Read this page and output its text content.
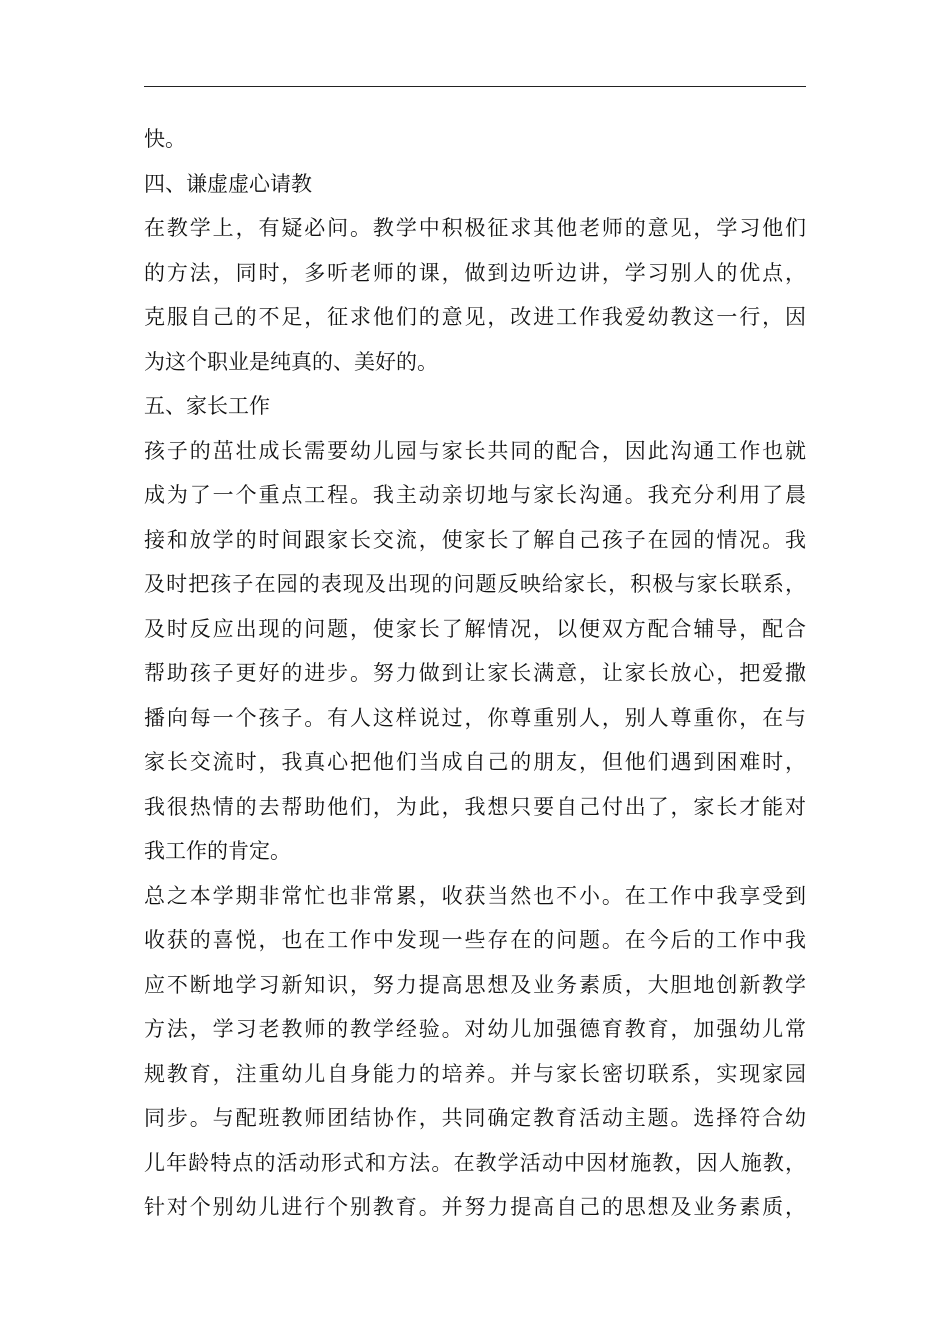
快。
四、谦虚虚心请教
在教学上，有疑必问。教学中积极征求其他老师的意见，学习他们
的方法，同时，多听老师的课，做到边听边讲，学习别人的优点，
克服自己的不足，征求他们的意见，改进工作我爱幼教这一行，因
为这个职业是纯真的、美好的。
五、家长工作
孩子的茁壮成长需要幼儿园与家长共同的配合，因此沟通工作也就
成为了一个重点工程。我主动亲切地与家长沟通。我充分利用了晨
接和放学的时间跟家长交流，使家长了解自己孩子在园的情况。我
及时把孩子在园的表现及出现的问题反映给家长，积极与家长联系，
及时反应出现的问题，使家长了解情况，以便双方配合辅导，配合
帮助孩子更好的进步。努力做到让家长满意，让家长放心，把爱撒
播向每一个孩子。有人这样说过，你尊重别人，别人尊重你，在与
家长交流时，我真心把他们当成自己的朋友，但他们遇到困难时，
我很热情的去帮助他们，为此，我想只要自己付出了，家长才能对
我工作的肯定。
总之本学期非常忙也非常累，收获当然也不小。在工作中我享受到
收获的喜悦，也在工作中发现一些存在的问题。在今后的工作中我
应不断地学习新知识，努力提高思想及业务素质，大胆地创新教学
方法，学习老教师的教学经验。对幼儿加强德育教育，加强幼儿常
规教育，注重幼儿自身能力的培养。并与家长密切联系，实现家园
同步。与配班教师团结协作，共同确定教育活动主题。选择符合幼
儿年龄特点的活动形式和方法。在教学活动中因材施教，因人施教，
针对个别幼儿进行个别教育。并努力提高自己的思想及业务素质，
